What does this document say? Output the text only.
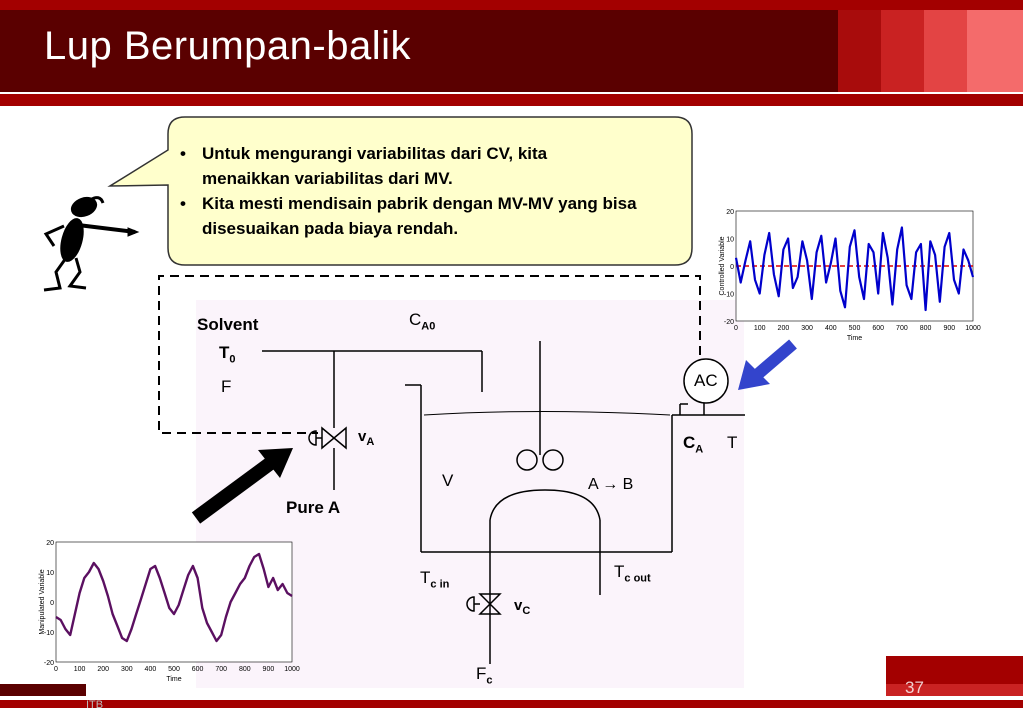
Lup Berumpan-balik
• Untuk mengurangi variabilitas dari CV, kita menaikkan variabilitas dari MV.
• Kita mesti mendisain pabrik dengan MV-MV yang bisa disesuaikan pada biaya rendah.
Solvent
$T_0$
F
$C_{A0}$
$v_A$
Pure A
V	A → B
$C_A$ T
AC
$T_{c in}$
$T_{c out}$
$v_C$
$F_c$
0 100 200 300 400 500 600 700 800 900 1000
20
10
0
-10
-20
Time
Controlled Variable
0 100 200 300 400 500 600 700 800 900 1000
20
10
0
-10
-20
Time
Manipulated Variable
37
ITB
